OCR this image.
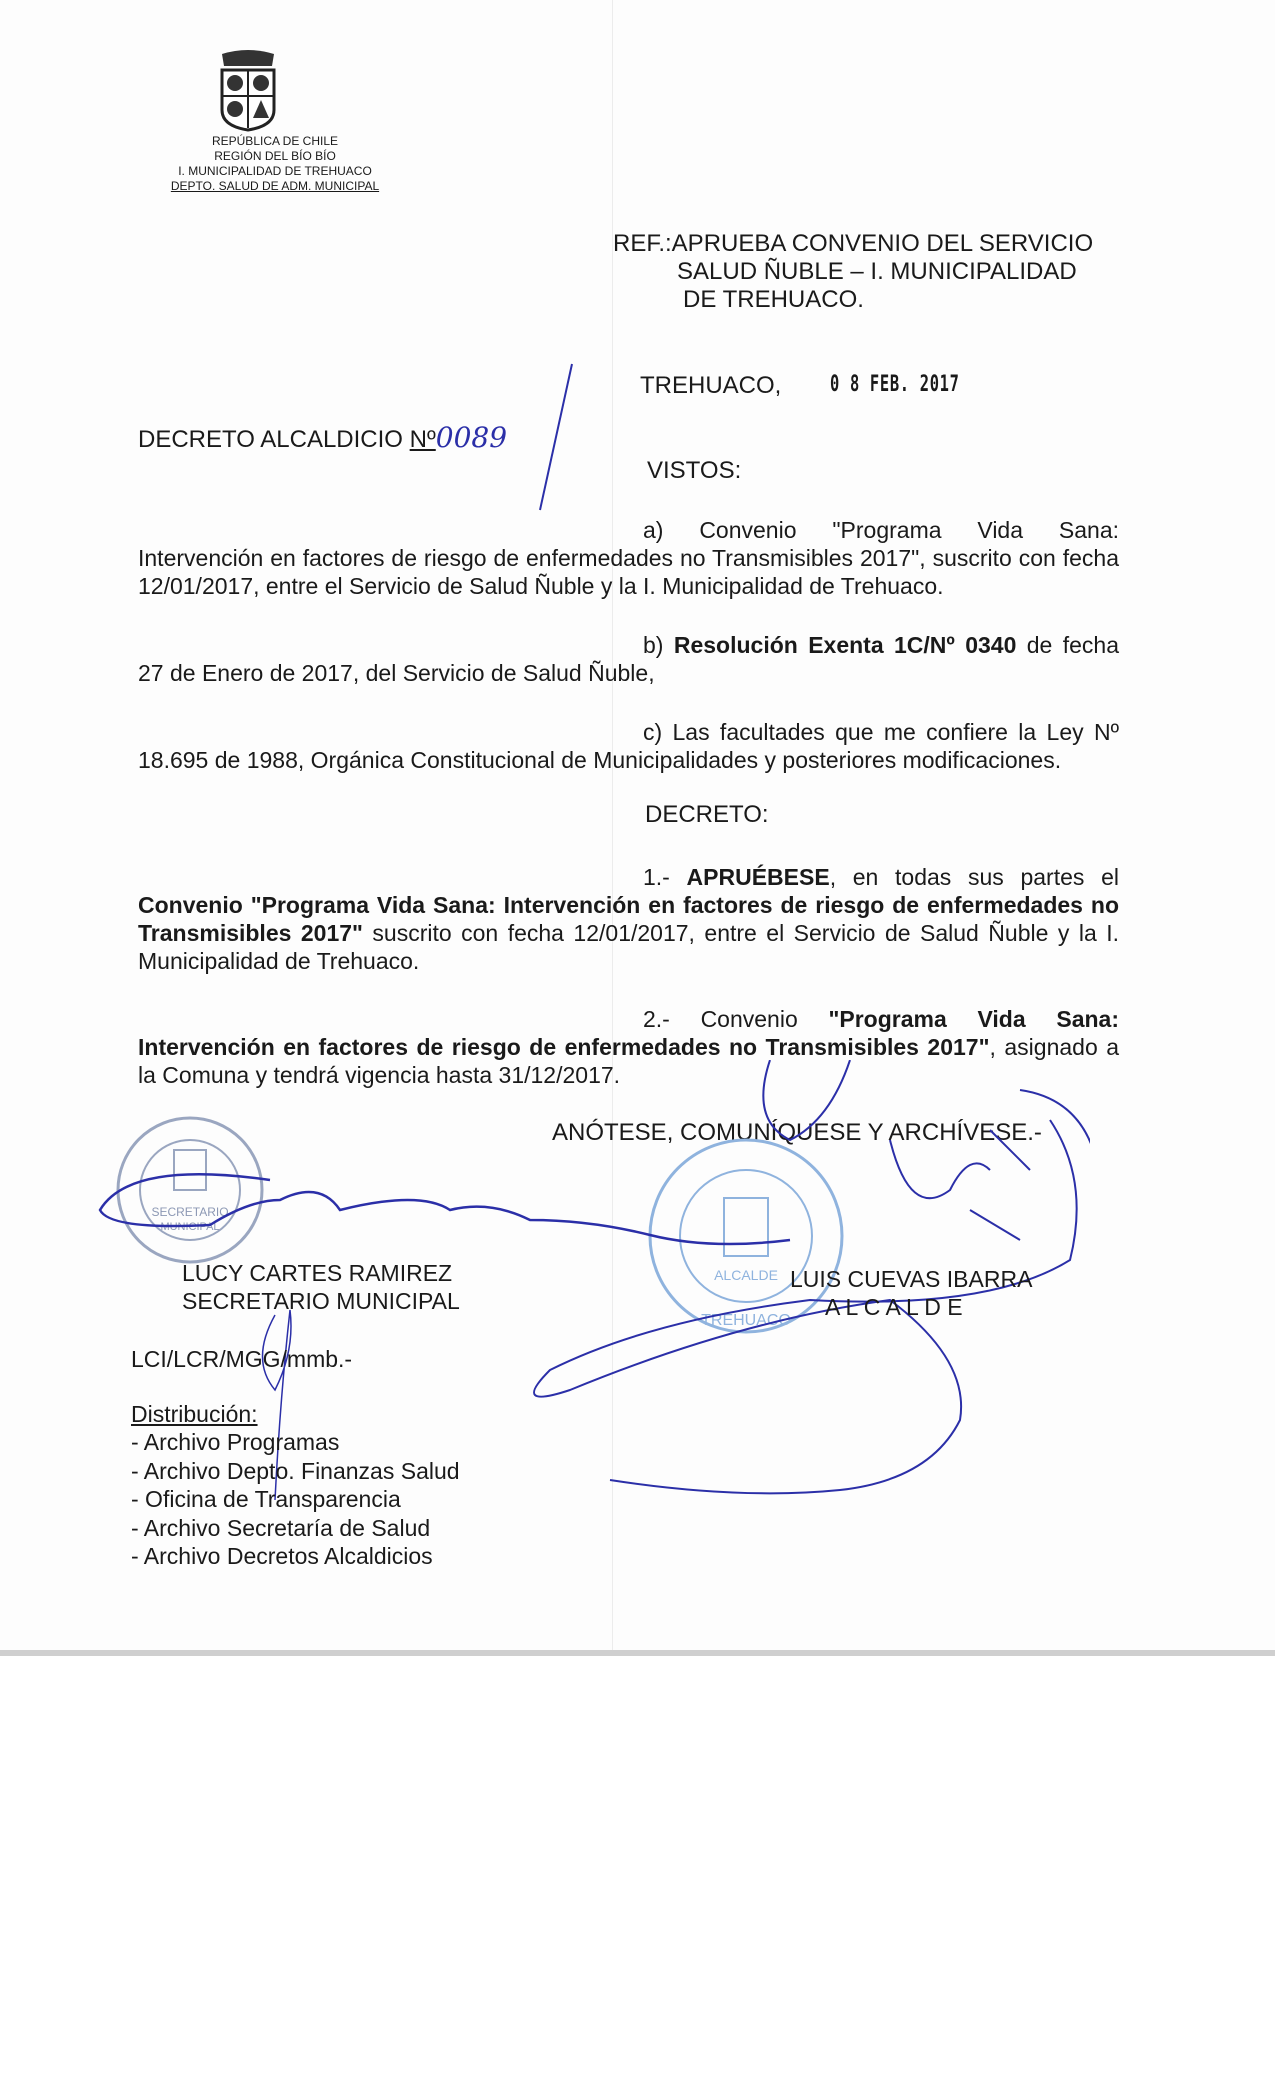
REPÚBLICA DE CHILE
REGIÓN DEL BÍO BÍO
I. MUNICIPALIDAD DE TREHUACO
DEPTO. SALUD DE ADM. MUNICIPAL
REF.:APRUEBA CONVENIO DEL SERVICIO
SALUD ÑUBLE – I. MUNICIPALIDAD
DE TREHUACO.
TREHUACO, 0 8 FEB. 2017
DECRETO ALCALDICIO Nº0089
VISTOS:
a) Convenio "Programa Vida Sana: Intervención en factores de riesgo de enfermedades no Transmisibles 2017", suscrito con fecha 12/01/2017, entre el Servicio de Salud Ñuble y la I. Municipalidad de Trehuaco.
b) Resolución Exenta 1C/Nº 0340 de fecha 27 de Enero de 2017, del Servicio de Salud Ñuble,
c) Las facultades que me confiere la Ley Nº 18.695 de 1988, Orgánica Constitucional de Municipalidades y posteriores modificaciones.
DECRETO:
1.- APRUÉBESE, en todas sus partes el Convenio "Programa Vida Sana: Intervención en factores de riesgo de enfermedades no Transmisibles 2017" suscrito con fecha 12/01/2017, entre el Servicio de Salud Ñuble y la I. Municipalidad de Trehuaco.
2.- Convenio "Programa Vida Sana: Intervención en factores de riesgo de enfermedades no Transmisibles 2017", asignado a la Comuna y tendrá vigencia hasta 31/12/2017.
ANÓTESE, COMUNÍQUESE Y ARCHÍVESE.-
SECRETARIO
MUNICIPAL
ALCALDE
TREHUACO
LUCY CARTES RAMIREZ
SECRETARIO MUNICIPAL
LUIS CUEVAS IBARRA
A L C A L D E
LCI/LCR/MGG/mmb.-
Distribución:
- Archivo Programas
- Archivo Depto. Finanzas Salud
- Oficina de Transparencia
- Archivo Secretaría de Salud
- Archivo Decretos Alcaldicios
